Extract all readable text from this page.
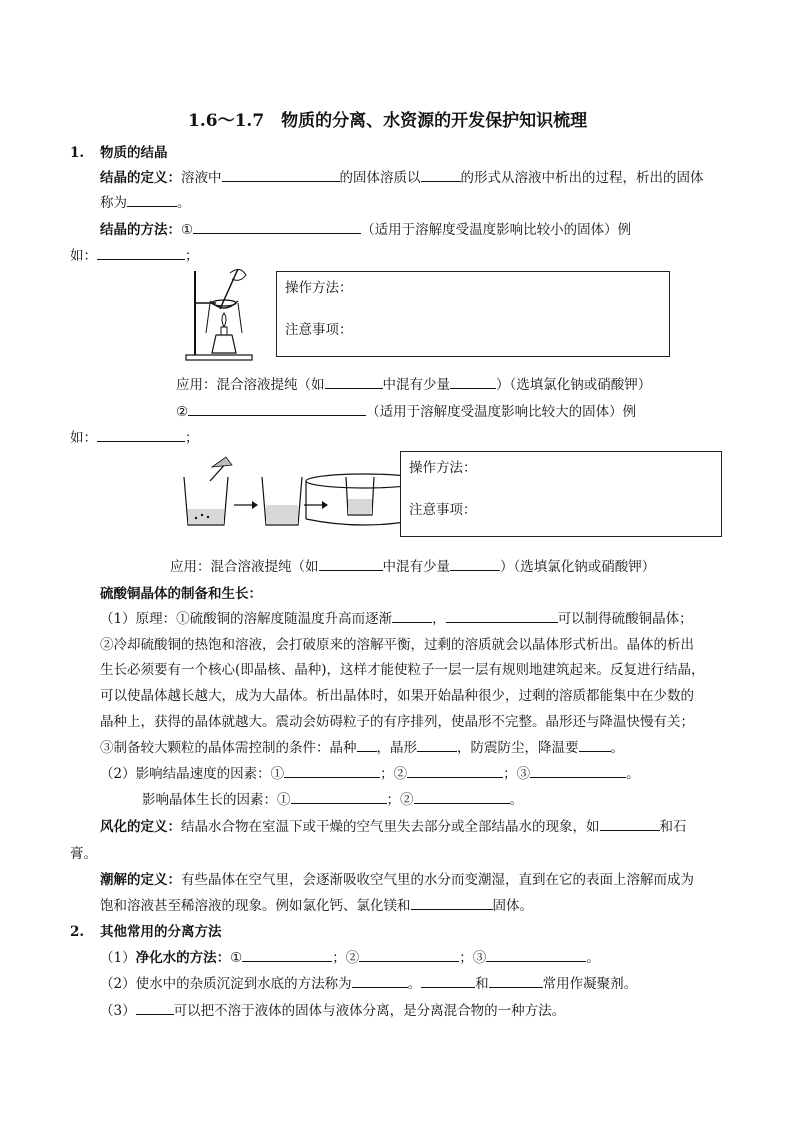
1.6～1.7　物质的分离、水资源的开发保护知识梳理
1. 物质的结晶
结晶的定义：溶液中	的固体溶质以	的形式从溶液中析出的过程，析出的固体
称为	。
结晶的方法：①	（适用于溶解度受温度影响比较小的固体）例
如：	；
操作方法：
注意事项：
应用：混合溶液提纯（如	中混有少量	）（选填氯化钠或硝酸钾）
②	（适用于溶解度受温度影响比较大的固体）例
如：	；
操作方法：
注意事项：
应用：混合溶液提纯（如	中混有少量	）（选填氯化钠或硝酸钾）
硫酸铜晶体的制备和生长：
（1）原理：①硫酸铜的溶解度随温度升高而逐渐	，	可以制得硫酸铜晶体；
②冷却硫酸铜的热饱和溶液，会打破原来的溶解平衡，过剩的溶质就会以晶体形式析出。晶体的析出
生长必须要有一个核心(即晶核、晶种)，这样才能使粒子一层一层有规则地建筑起来。反复进行结晶，
可以使晶体越长越大，成为大晶体。析出晶体时，如果开始晶种很少，过剩的溶质都能集中在少数的
晶种上，获得的晶体就越大。震动会妨碍粒子的有序排列，使晶形不完整。晶形还与降温快慢有关；
③制备较大颗粒的晶体需控制的条件：晶种 ，晶形	，防震防尘，降温要 。
（2）影响结晶速度的因素：①	；②	；③	。
影响晶体生长的因素：①	；②	。
风化的定义：结晶水合物在室温下或干燥的空气里失去部分或全部结晶水的现象，如	和石
膏。
潮解的定义：有些晶体在空气里，会逐渐吸收空气里的水分而变潮湿，直到在它的表面上溶解而成为
饱和溶液甚至稀溶液的现象。例如氯化钙、氯化镁和	固体。
2. 其他常用的分离方法
（1）净化水的方法：①	；②	；③	。
（2）使水中的杂质沉淀到水底的方法称为	。	和	常用作凝聚剂。
（3）	可以把不溶于液体的固体与液体分离，是分离混合物的一种方法。
